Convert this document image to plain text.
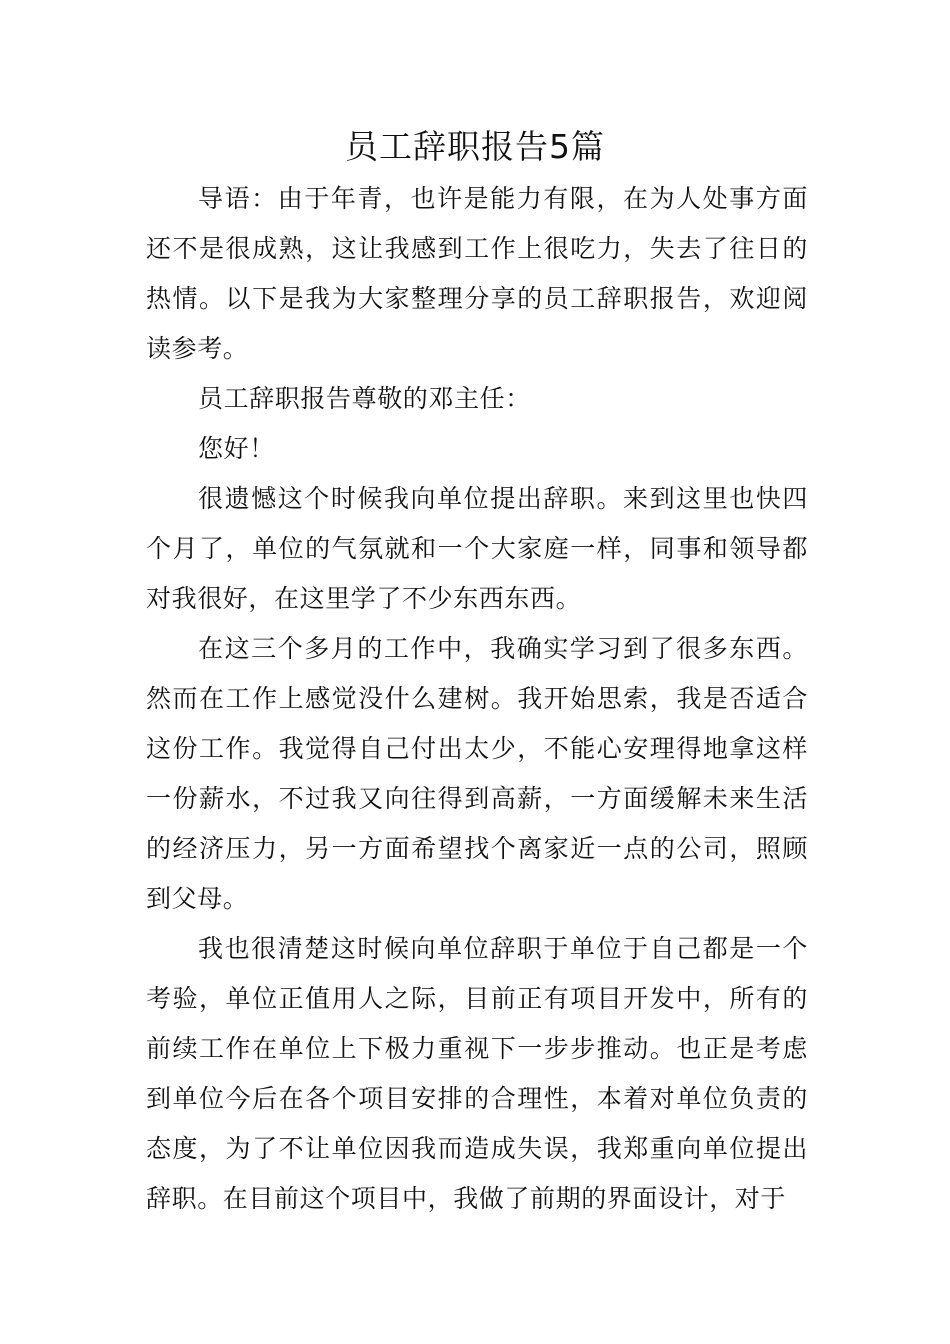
员工辞职报告5篇

导语：由于年青，也许是能力有限，在为人处事方面还不是很成熟，这让我感到工作上很吃力，失去了往日的热情。以下是我为大家整理分享的员工辞职报告，欢迎阅读参考。

员工辞职报告尊敬的邓主任：

您好！

很遗憾这个时候我向单位提出辞职。来到这里也快四个月了，单位的气氛就和一个大家庭一样，同事和领导都对我很好，在这里学了不少东西东西。

在这三个多月的工作中，我确实学习到了很多东西。然而在工作上感觉没什么建树。我开始思索，我是否适合这份工作。我觉得自己付出太少，不能心安理得地拿这样一份薪水，不过我又向往得到高薪，一方面缓解未来生活的经济压力，另一方面希望找个离家近一点的公司，照顾到父母。

我也很清楚这时候向单位辞职于单位于自己都是一个考验，单位正值用人之际，目前正有项目开发中，所有的前续工作在单位上下极力重视下一步步推动。也正是考虑到单位今后在各个项目安排的合理性，本着对单位负责的态度，为了不让单位因我而造成失误，我郑重向单位提出辞职。在目前这个项目中，我做了前期的界面设计，对于
